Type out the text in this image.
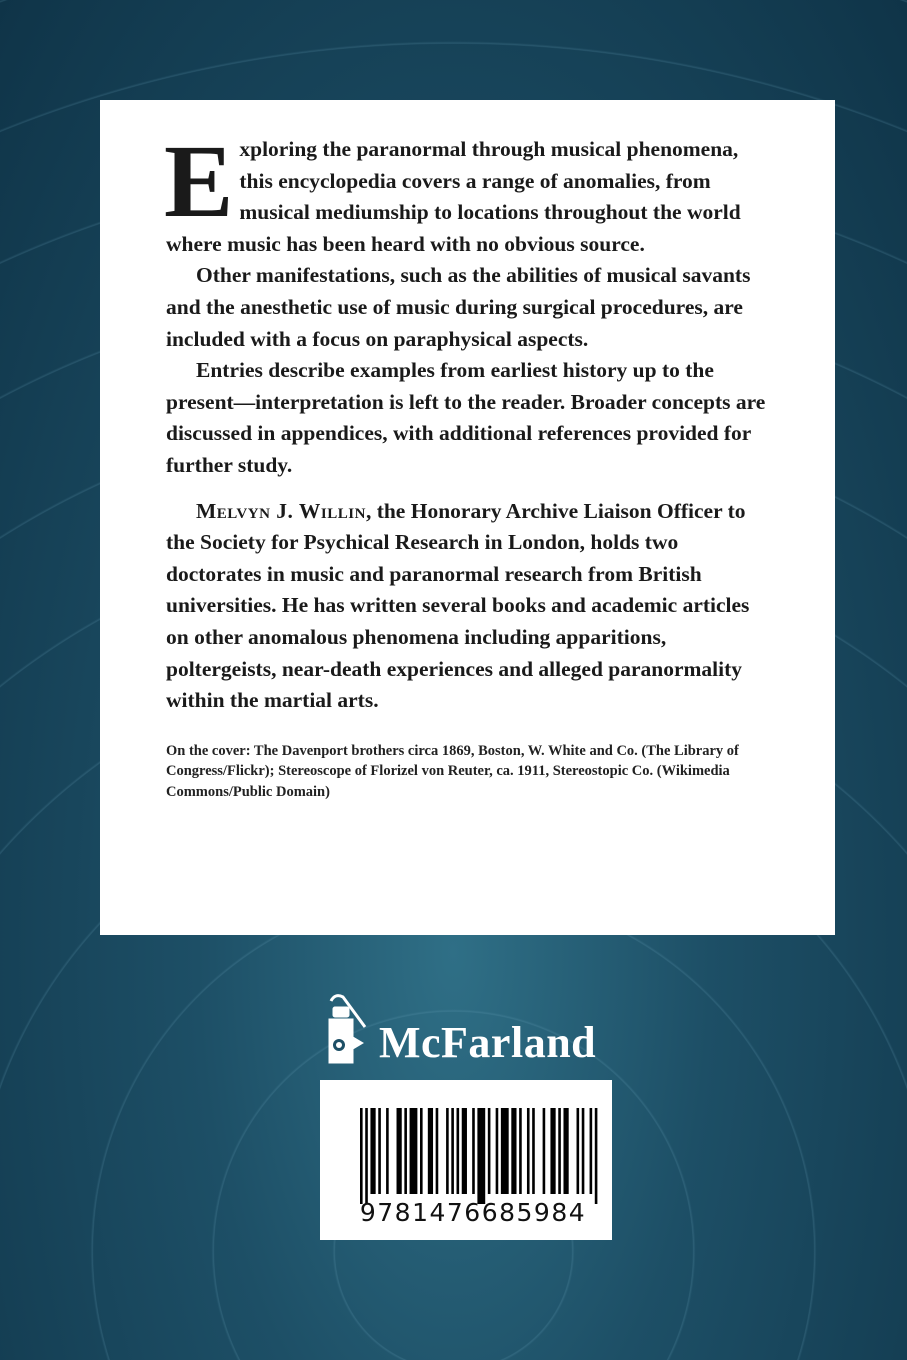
Exploring the paranormal through musical phenomena, this encyclopedia covers a range of anomalies, from musical mediumship to locations throughout the world where music has been heard with no obvious source.

Other manifestations, such as the abilities of musical savants and the anesthetic use of music during surgical procedures, are included with a focus on paraphysical aspects.

Entries describe examples from earliest history up to the present—interpretation is left to the reader. Broader concepts are discussed in appendices, with additional references provided for further study.

Melvyn J. Willin, the Honorary Archive Liaison Officer to the Society for Psychical Research in London, holds two doctorates in music and paranormal research from British universities. He has written several books and academic articles on other anomalous phenomena including apparitions, poltergeists, near-death experiences and alleged paranormality within the martial arts.

On the cover: The Davenport brothers circa 1869, Boston, W. White and Co. (The Library of Congress/Flickr); Stereoscope of Florizel von Reuter, ca. 1911, Stereostopic Co. (Wikimedia Commons/Public Domain)
McFarland
9781476685984
